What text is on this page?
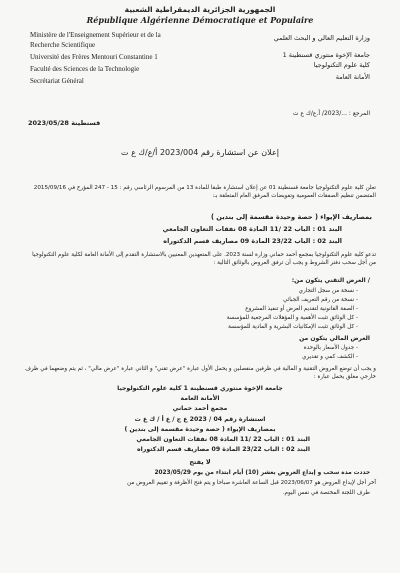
الجمهورية الجزائرية الديمقراطية الشعبية
République Algérienne Démocratique et Populaire
Ministère de l'Enseignement Supérieur et de la
Recherche Scientifique
Université des Frères Mentouri Constantine 1
Faculté des Sciences de la Technologie
Secrétariat Général
وزارة التعليم العالي و البحث العلمي
جامعة الإخوة منتوري قسنطينة 1
كلية علوم التكنولوجيا
الأمانة العامة
المرجع : .../2023/ أ.ع/ك ع ت
قسنطينة 2023/05/28
إعلان عن استشارة رقم 2023/004 أ/ع/ك ع ت
تعلن كلية علوم التكنولوجيا جامعة قسنطينة 01 عن إعلان استشارة طبقا للمادة 13 من المرسوم الرئاسي رقم : 15 - 247 المؤرخ في 2015/09/16 المتضمن تنظيم الصفقات العمومية وتفويضات المرفق العام المتعلقة بـ:
بمصاريف الإيواء ( حصة وحيدة مقسمة إلى بندين )
البند 01 : الباب 22 /11 المادة 08 نفقات التعاون الجامعي
البند 02 : الباب 23/22 المادة 09 مصاريف قسم الدكتوراه
تدعو كلية علوم التكنولوجيا بمجمع أحمد حماني وزارة لسنة 2023. على المتعهدين المعنيين بالاستشارة التقدم إلى الأمانة العامة لكلية علوم التكنولوجيا من أجل سحب دفتر الشروط و يجب أن ترفق العروض بالوثائق التالية :
/ العرض التقني يتكون من:
- نسخة من سجل التجاري
- نسخة من رقم التعريف الجبائي
- الصفة القانونية لتقديم العرض أو تنفيذ المشروع
- كل الوثائق تثبت الأهمية و المؤهلات المرجعية للمؤسسة
- كل الوثائق تثبت الإمكانيات البشرية و المادية للمؤسسة
العرض المالي يتكون من
- جدول الأسعار بالوحدة
- الكشف كمي و تقديري
و يجب أن توضع العروض التقنية و المالية في ظرفين منفصلين و يحمل الأول عبارة "عرض تقني" و الثاني عبارة "عرض مالي" ، ثم يتم وضعهما في ظرف خارجي مغلق يحمل عبارة :
جامعة الإخوة منتوري قسنطينة 1 كلية علوم التكنولوجيا
الأمانة العامة
مجمع أحمد حماني
استشارة رقم 04 / 2023 ع ج / ع أ / ك ع ت
بمصاريف الإيواء ( حصة وحيدة مقسمة إلى بندين )
البند 01 : الباب 22 /11 المادة 08 نفقات التعاون الجامعي
البند 02 : الباب 23/22 المادة 09 مصاريف قسم الدكتوراه
لا يفتح
حددت مدة سحب و إيداع العروض بعشر (10) أيام ابتداء من يوم 2023/05/29
آخر أجل لإيداع العروض هو 2023/06/07 قبل الساعة العاشرة صباحا و يتم فتح الأظرفة و تقييم العروض من
طرف اللجنة المختصة في نفس اليوم.
